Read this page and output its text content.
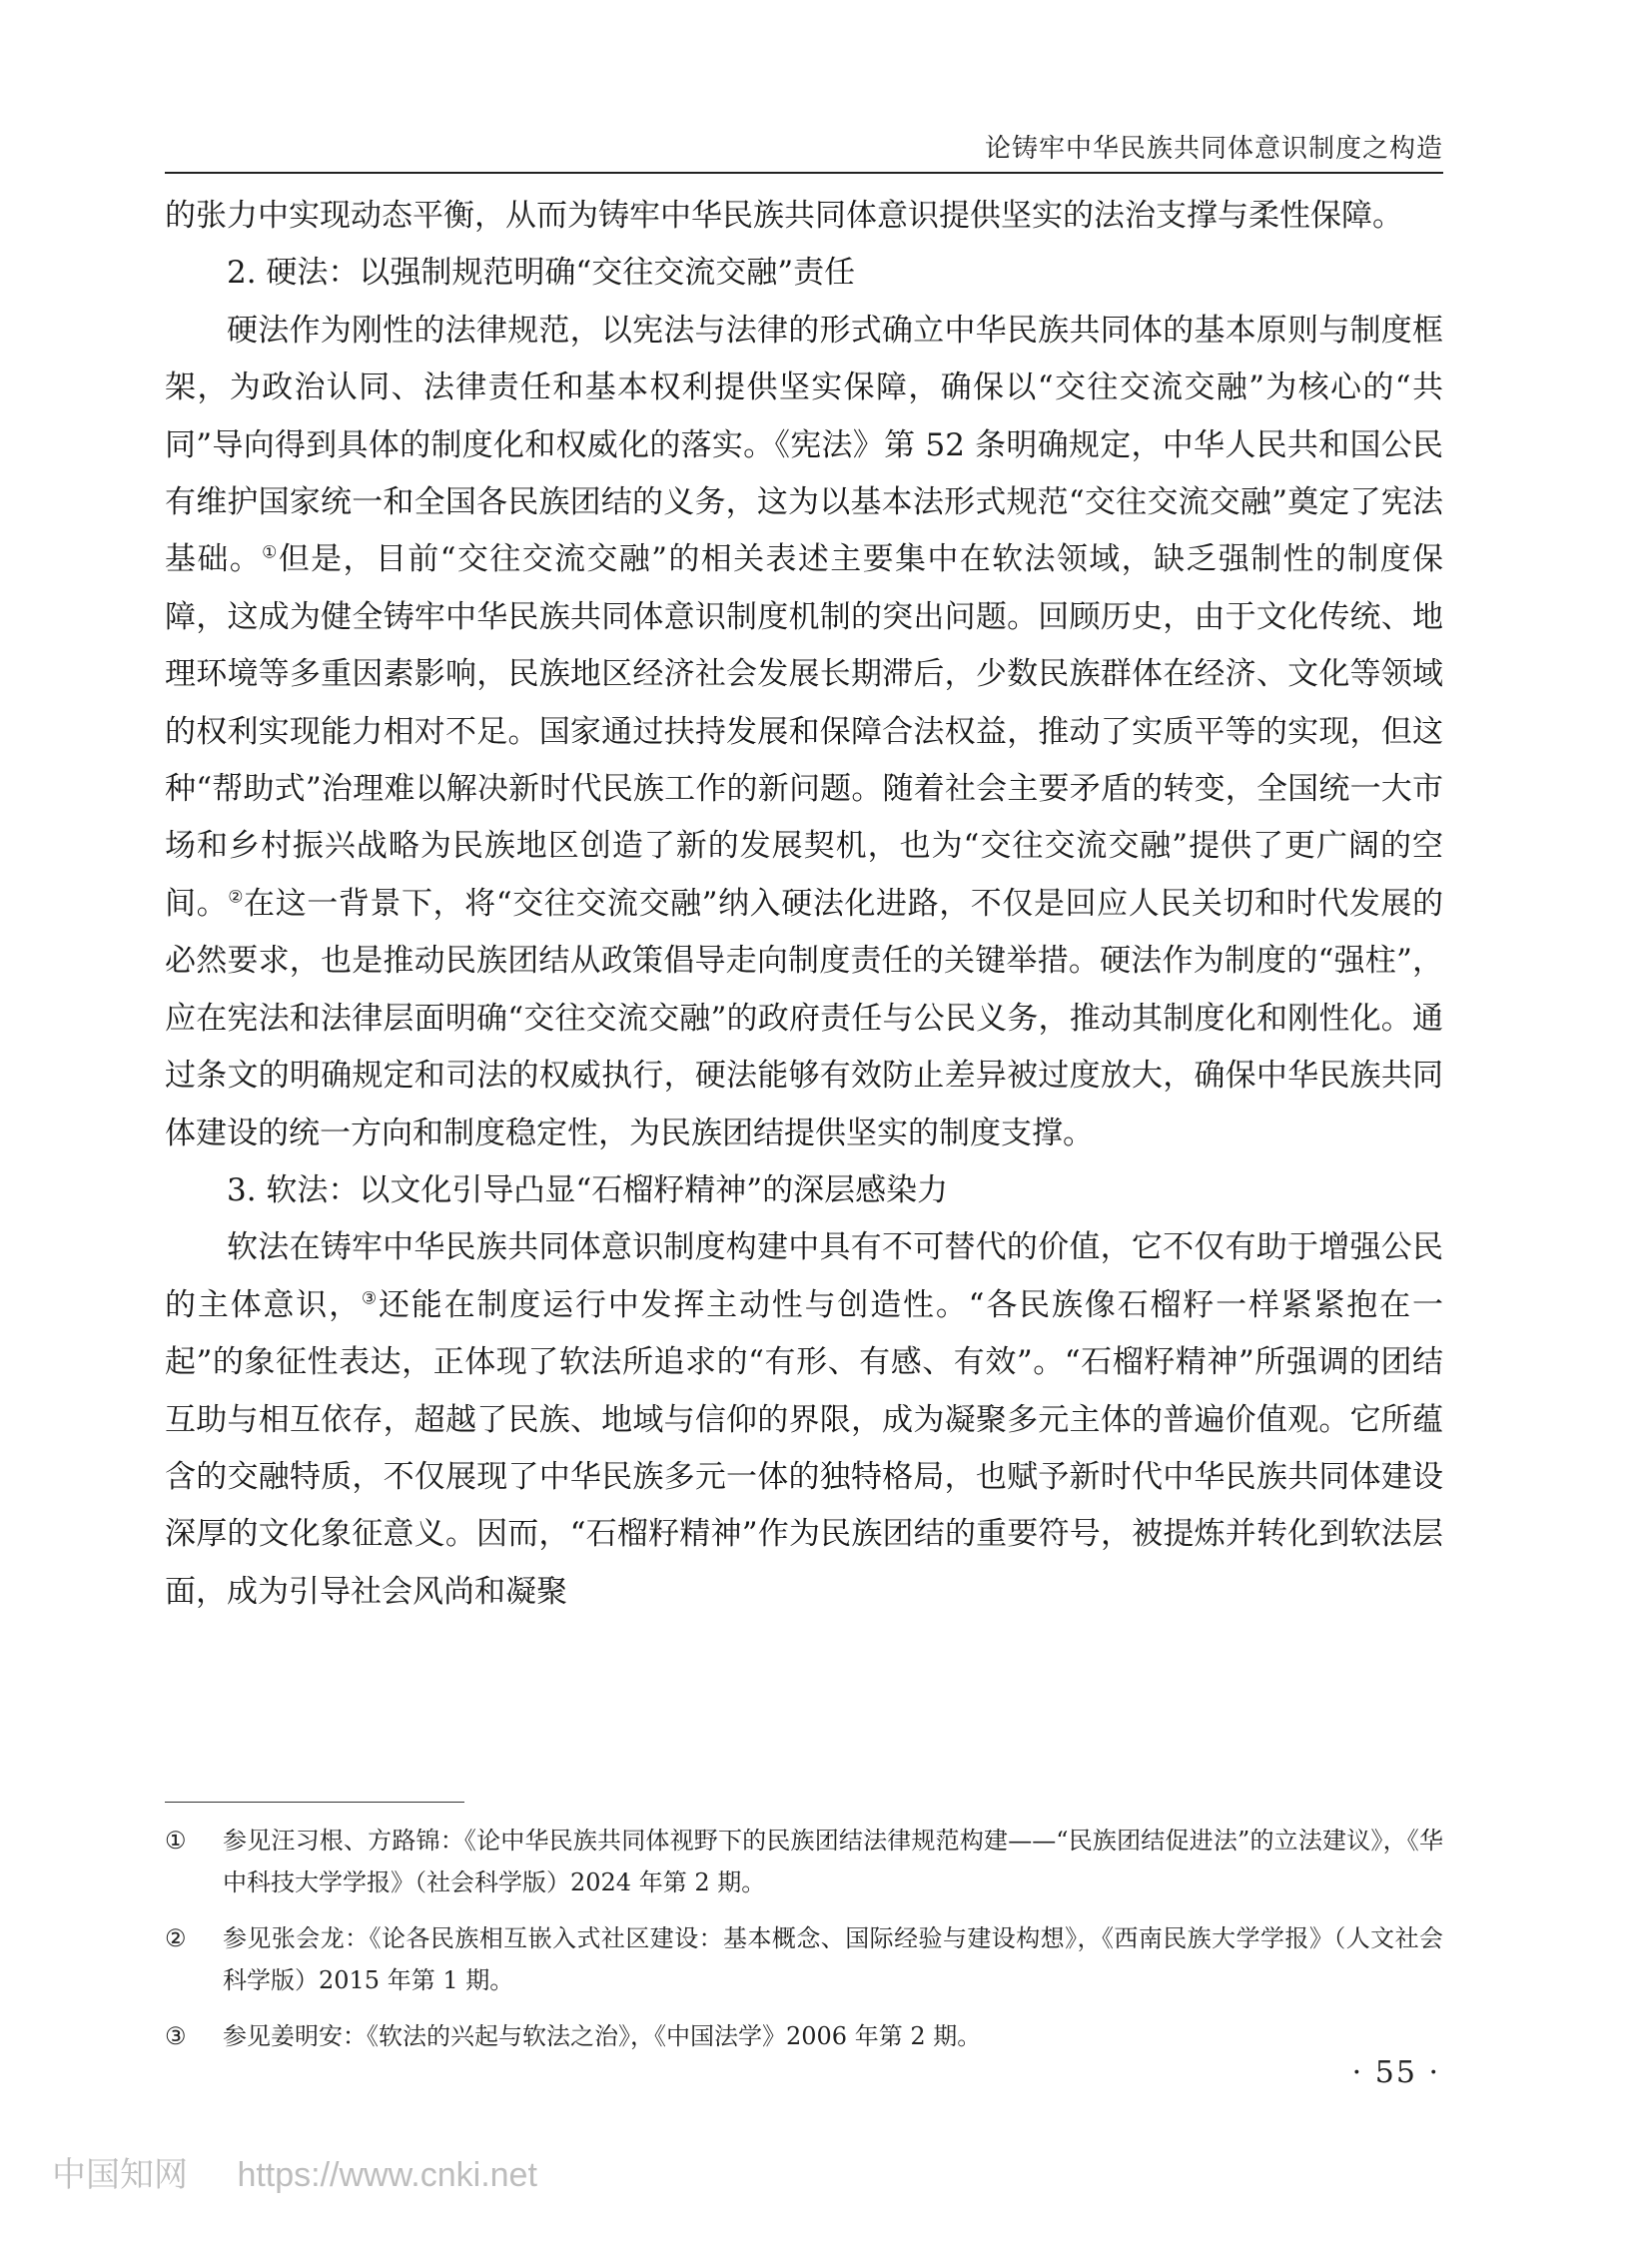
论铸牢中华民族共同体意识制度之构造

的张力中实现动态平衡，从而为铸牢中华民族共同体意识提供坚实的法治支撑与柔性保障。

2. 硬法：以强制规范明确“交往交流交融”责任

硬法作为刚性的法律规范，以宪法与法律的形式确立中华民族共同体的基本原则与制度框架，为政治认同、法律责任和基本权利提供坚实保障，确保以“交往交流交融”为核心的“共同”导向得到具体的制度化和权威化的落实。《宪法》第 52 条明确规定，中华人民共和国公民有维护国家统一和全国各民族团结的义务，这为以基本法形式规范“交往交流交融”奠定了宪法基础。①但是，目前“交往交流交融”的相关表述主要集中在软法领域，缺乏强制性的制度保障，这成为健全铸牢中华民族共同体意识制度机制的突出问题。回顾历史，由于文化传统、地理环境等多重因素影响，民族地区经济社会发展长期滞后，少数民族群体在经济、文化等领域的权利实现能力相对不足。国家通过扶持发展和保障合法权益，推动了实质平等的实现，但这种“帮助式”治理难以解决新时代民族工作的新问题。随着社会主要矛盾的转变，全国统一大市场和乡村振兴战略为民族地区创造了新的发展契机，也为“交往交流交融”提供了更广阔的空间。②在这一背景下，将“交往交流交融”纳入硬法化进路，不仅是回应人民关切和时代发展的必然要求，也是推动民族团结从政策倡导走向制度责任的关键举措。硬法作为制度的“强柱”，应在宪法和法律层面明确“交往交流交融”的政府责任与公民义务，推动其制度化和刚性化。通过条文的明确规定和司法的权威执行，硬法能够有效防止差异被过度放大，确保中华民族共同体建设的统一方向和制度稳定性，为民族团结提供坚实的制度支撑。

3. 软法：以文化引导凸显“石榴籽精神”的深层感染力

软法在铸牢中华民族共同体意识制度构建中具有不可替代的价值，它不仅有助于增强公民的主体意识，③还能在制度运行中发挥主动性与创造性。“各民族像石榴籽一样紧紧抱在一起”的象征性表达，正体现了软法所追求的“有形、有感、有效”。“石榴籽精神”所强调的团结互助与相互依存，超越了民族、地域与信仰的界限，成为凝聚多元主体的普遍价值观。它所蕴含的交融特质，不仅展现了中华民族多元一体的独特格局，也赋予新时代中华民族共同体建设深厚的文化象征意义。因而，“石榴籽精神”作为民族团结的重要符号，被提炼并转化到软法层面，成为引导社会风尚和凝聚

①	参见汪习根、方路锦：《论中华民族共同体视野下的民族团结法律规范构建——“民族团结促进法”的立法建议》，《华中科技大学学报》（社会科学版）2024 年第 2 期。
②	参见张会龙：《论各民族相互嵌入式社区建设：基本概念、国际经验与建设构想》，《西南民族大学学报》（人文社会科学版）2015 年第 1 期。
③	参见姜明安：《软法的兴起与软法之治》，《中国法学》2006 年第 2 期。
· 55 ·
中国知网 https://www.cnki.net
